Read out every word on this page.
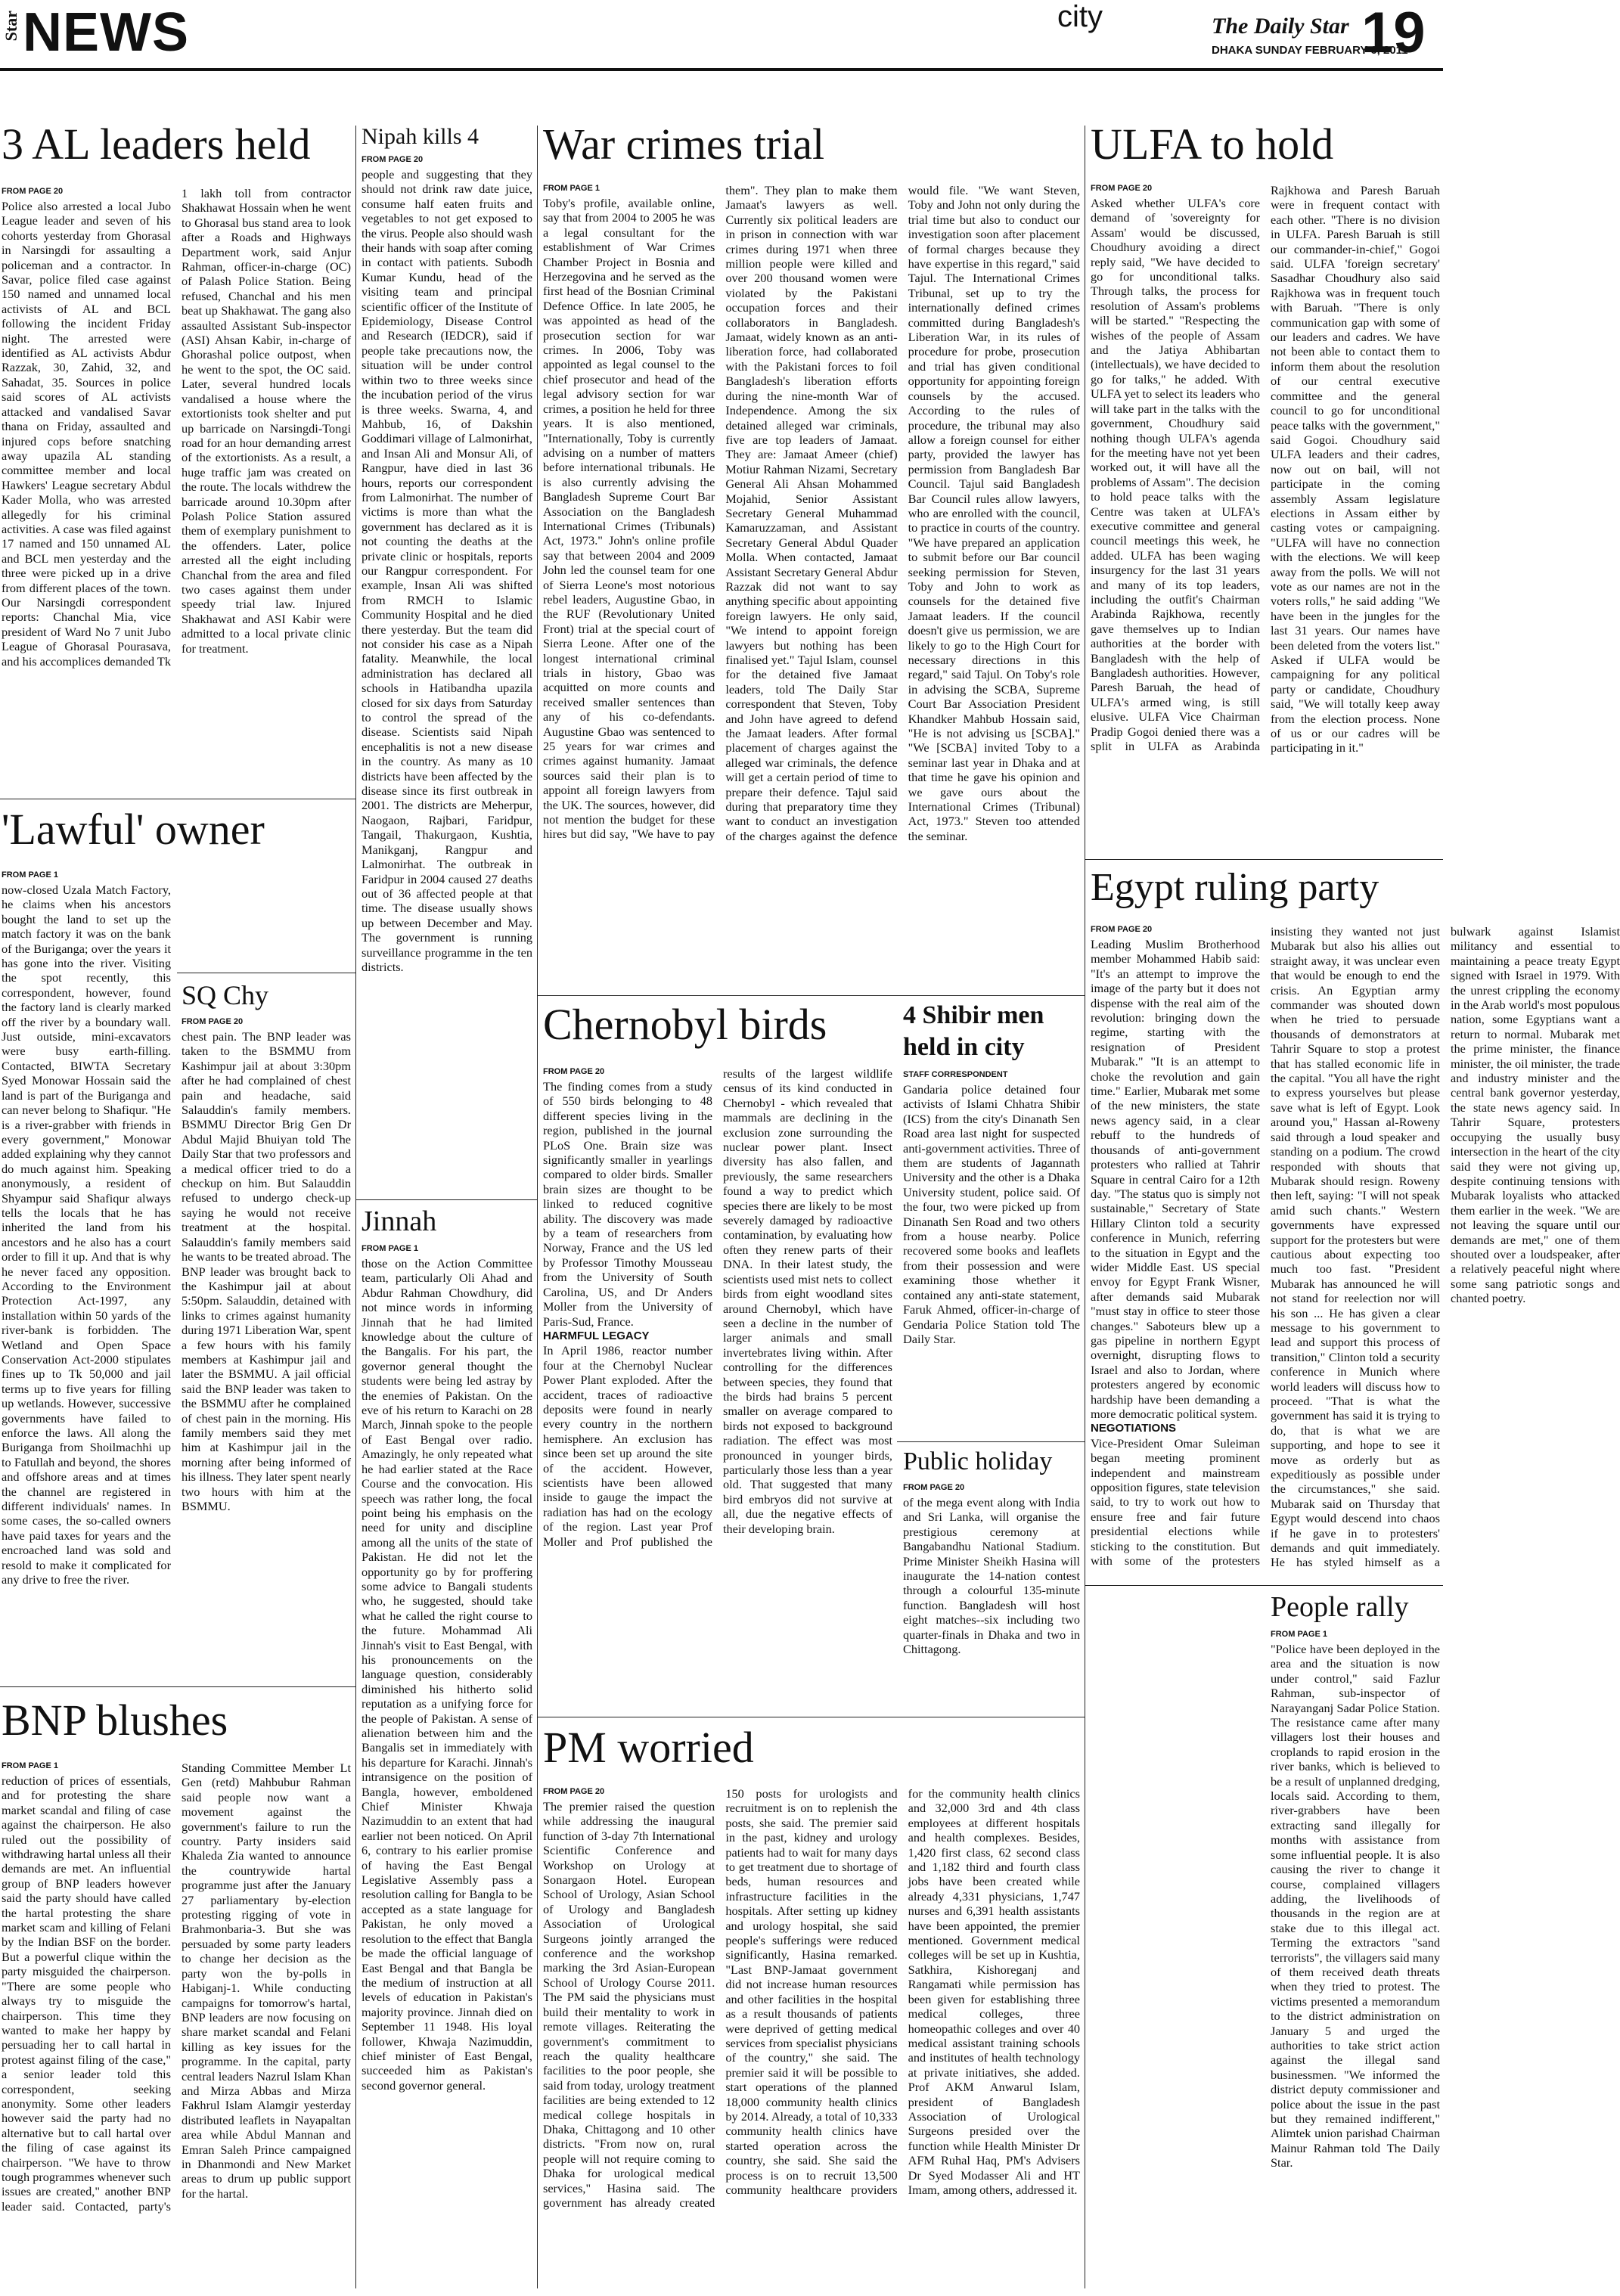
Star NEWS	city	The Daily Star
DHAKA SUNDAY FEBRUARY 6, 2011
19
3 AL leaders held
FROM PAGE 20

Police also arrested a local Jubo League leader and seven of his cohorts yesterday from Ghorasal in Narsingdi for assaulting a policeman and a contractor. In Savar, police filed case against 150 named and unnamed local activists of AL and BCL following the incident Friday night. The arrested were identified as AL activists Abdur Razzak, 30, Zahid, 32, and Sahadat, 35. Sources in police said scores of AL activists attacked and vandalised Savar thana on Friday, assaulted and injured cops before snatching away upazila AL standing committee member and local Hawkers' League secretary Abdul Kader Molla, who was arrested allegedly for his criminal activities. A case was filed against 17 named and 150 unnamed AL and BCL men yesterday and the three were picked up in a drive from different places of the town. Our Narsingdi correspondent reports: Chanchal Mia, vice president of Ward No 7 unit Jubo League of Ghorasal Pourasava, and his accomplices demanded Tk 1 lakh toll from contractor Shakhawat Hossain when he went to Ghorasal bus stand area to look after a Roads and Highways Department work, said Anjur Rahman, officer-in-charge (OC) of Palash Police Station. Being refused, Chanchal and his men beat up Shakhawat. The gang also assaulted Assistant Sub-inspector (ASI) Ahsan Kabir, in-charge of Ghorashal police outpost, when he went to the spot, the OC said. Later, several hundred locals vandalised a house where the extortionists took shelter and put up barricade on Narsingdi-Tongi road for an hour demanding arrest of the extortionists. As a result, a huge traffic jam was created on the route. The locals withdrew the barricade around 10.30pm after Polash Police Station assured them of exemplary punishment to the offenders. Later, police arrested all the eight including Chanchal from the area and filed two cases against them under speedy trial law. Injured Shakhawat and ASI Kabir were admitted to a local private clinic for treatment.

'Lawful' owner
FROM PAGE 1

now-closed Uzala Match Factory, he claims when his ancestors bought the land to set up the match factory it was on the bank of the Buriganga; over the years it has gone into the river. Visiting the spot recently, this correspondent, however, found the factory land is clearly marked off the river by a boundary wall. Just outside, mini-excavators were busy earth-filling. Contacted, BIWTA Secretary Syed Monowar Hossain said the land is part of the Buriganga and can never belong to Shafiqur. "He is a river-grabber with friends in every government," Monowar added explaining why they cannot do much against him. Speaking anonymously, a resident of Shyampur said Shafiqur always tells the locals that he has inherited the land from his ancestors and he also has a court order to fill it up. And that is why he never faced any opposition. According to the Environment Protection Act-1997, any installation within 50 yards of the river-bank is forbidden. The Wetland and Open Space Conservation Act-2000 stipulates fines up to Tk 50,000 and jail terms up to five years for filling up wetlands. However, successive governments have failed to enforce the laws. All along the Buriganga from Shoilmachhi up to Fatullah and beyond, the shores and offshore areas and at times the channel are registered in different individuals' names. In some cases, the so-called owners have paid taxes for years and the encroached land was sold and resold to make it complicated for any drive to free the river.

SQ Chy
FROM PAGE 20

chest pain. The BNP leader was taken to the BSMMU from Kashimpur jail at about 3:30pm after he had complained of chest pain and headache, said Salauddin's family members. BSMMU Director Brig Gen Dr Abdul Majid Bhuiyan told The Daily Star that two professors and a medical officer tried to do a checkup on him. But Salauddin refused to undergo check-up saying he would not receive treatment at the hospital. Salauddin's family members said he wants to be treated abroad. The BNP leader was brought back to the Kashimpur jail at about 5:50pm. Salauddin, detained with links to crimes against humanity during 1971 Liberation War, spent a few hours with his family members at Kashimpur jail and later the BSMMU. A jail official said the BNP leader was taken to the BSMMU after he complained of chest pain in the morning. His family members said they met him at Kashimpur jail in the morning after being informed of his illness. They later spent nearly two hours with him at the BSMMU.

BNP blushes
FROM PAGE 1

reduction of prices of essentials, and for protesting the share market scandal and filing of case against the chairperson. He also ruled out the possibility of withdrawing hartal unless all their demands are met. An influential group of BNP leaders however said the party should have called the hartal protesting the share market scam and killing of Felani by the Indian BSF on the border. But a powerful clique within the party misguided the chairperson. "There are some people who always try to misguide the chairperson. This time they wanted to make her happy by persuading her to call hartal in protest against filing of the case," a senior leader told this correspondent, seeking anonymity. Some other leaders however said the party had no alternative but to call hartal over the filing of case against its chairperson. "We have to throw tough programmes whenever such issues are created," another BNP leader said. Contacted, party's Standing Committee Member Lt Gen (retd) Mahbubur Rahman said people now want a movement against the government's failure to run the country. Party insiders said Khaleda Zia wanted to announce the countrywide hartal programme just after the January 27 parliamentary by-election protesting rigging of vote in Brahmonbaria-3. But she was persuaded by some party leaders to change her decision as the party won the by-polls in Habiganj-1. While conducting campaigns for tomorrow's hartal, BNP leaders are now focusing on share market scandal and Felani killing as key issues for the programme. In the capital, party central leaders Nazrul Islam Khan and Mirza Abbas and Mirza Fakhrul Islam Alamgir yesterday distributed leaflets in Nayapaltan area while Abdul Mannan and Emran Saleh Prince campaigned in Dhanmondi and New Market areas to drum up public support for the hartal.

Nipah kills 4
FROM PAGE 20

people and suggesting that they should not drink raw date juice, consume half eaten fruits and vegetables to not get exposed to the virus. People also should wash their hands with soap after coming in contact with patients. Subodh Kumar Kundu, head of the visiting team and principal scientific officer of the Institute of Epidemiology, Disease Control and Research (IEDCR), said if people take precautions now, the situation will be under control within two to three weeks since the incubation period of the virus is three weeks. Swarna, 4, and Mahbub, 16, of Dakshin Goddimari village of Lalmonirhat, and Insan Ali and Monsur Ali, of Rangpur, have died in last 36 hours, reports our correspondent from Lalmonirhat. The number of victims is more than what the government has declared as it is not counting the deaths at the private clinic or hospitals, reports our Rangpur correspondent. For example, Insan Ali was shifted from RMCH to Islamic Community Hospital and he died there yesterday. But the team did not consider his case as a Nipah fatality. Meanwhile, the local administration has declared all schools in Hatibandha upazila closed for six days from Saturday to control the spread of the disease. Scientists said Nipah encephalitis is not a new disease in the country. As many as 10 districts have been affected by the disease since its first outbreak in 2001. The districts are Meherpur, Naogaon, Rajbari, Faridpur, Tangail, Thakurgaon, Kushtia, Manikganj, Rangpur and Lalmonirhat. The outbreak in Faridpur in 2004 caused 27 deaths out of 36 affected people at that time. The disease usually shows up between December and May. The government is running surveillance programme in the ten districts.

Jinnah
FROM PAGE 1

those on the Action Committee team, particularly Oli Ahad and Abdur Rahman Chowdhury, did not mince words in informing Jinnah that he had limited knowledge about the culture of the Bangalis. For his part, the governor general thought the students were being led astray by the enemies of Pakistan. On the eve of his return to Karachi on 28 March, Jinnah spoke to the people of East Bengal over radio. Amazingly, he only repeated what he had earlier stated at the Race Course and the convocation. His speech was rather long, the focal point being his emphasis on the need for unity and discipline among all the units of the state of Pakistan. He did not let the opportunity go by for proffering some advice to Bangali students who, he suggested, should take what he called the right course to the future. Mohammad Ali Jinnah's visit to East Bengal, with his pronouncements on the language question, considerably diminished his hitherto solid reputation as a unifying force for the people of Pakistan. A sense of alienation between him and the Bangalis set in immediately with his departure for Karachi. Jinnah's intransigence on the position of Bangla, however, emboldened Chief Minister Khwaja Nazimuddin to an extent that had earlier not been noticed. On April 6, contrary to his earlier promise of having the East Bengal Legislative Assembly pass a resolution calling for Bangla to be accepted as a state language for Pakistan, he only moved a resolution to the effect that Bangla be made the official language of East Bengal and that Bangla be the medium of instruction at all levels of education in Pakistan's majority province. Jinnah died on September 11 1948. His loyal follower, Khwaja Nazimuddin, chief minister of East Bengal, succeeded him as Pakistan's second governor general.

War crimes trial
FROM PAGE 1

Toby's profile, available online, say that from 2004 to 2005 he was a legal consultant for the establishment of War Crimes Chamber Project in Bosnia and Herzegovina and he served as the first head of the Bosnian Criminal Defence Office. In late 2005, he was appointed as head of the prosecution section for war crimes. In 2006, Toby was appointed as legal counsel to the chief prosecutor and head of the legal advisory section for war crimes, a position he held for three years. It is also mentioned, "Internationally, Toby is currently advising on a number of matters before international tribunals. He is also currently advising the Bangladesh Supreme Court Bar Association on the Bangladesh International Crimes (Tribunals) Act, 1973." John's online profile say that between 2004 and 2009 John led the counsel team for one of Sierra Leone's most notorious rebel leaders, Augustine Gbao, in the RUF (Revolutionary United Front) trial at the special court of Sierra Leone. After one of the longest international criminal trials in history, Gbao was acquitted on more counts and received smaller sentences than any of his co-defendants. Augustine Gbao was sentenced to 25 years for war crimes and crimes against humanity. Jamaat sources said their plan is to appoint all foreign lawyers from the UK. The sources, however, did not mention the budget for these hires but did say, "We have to pay them". They plan to make them Jamaat's lawyers as well. Currently six political leaders are in prison in connection with war crimes during 1971 when three million people were killed and over 200 thousand women were violated by the Pakistani occupation forces and their collaborators in Bangladesh. Jamaat, widely known as an anti-liberation force, had collaborated with the Pakistani forces to foil Bangladesh's liberation efforts during the nine-month War of Independence. Among the six detained alleged war criminals, five are top leaders of Jamaat. They are: Jamaat Ameer (chief) Motiur Rahman Nizami, Secretary General Ali Ahsan Mohammed Mojahid, Senior Assistant Secretary General Muhammad Kamaruzzaman, and Assistant Secretary General Abdul Quader Molla. When contacted, Jamaat Assistant Secretary General Abdur Razzak did not want to say anything specific about appointing foreign lawyers. He only said, "We intend to appoint foreign lawyers but nothing has been finalised yet." Tajul Islam, counsel for the detained five Jamaat leaders, told The Daily Star correspondent that Steven, Toby and John have agreed to defend the Jamaat leaders. After formal placement of charges against the alleged war criminals, the defence will get a certain period of time to prepare their defence. Tajul said during that preparatory time they want to conduct an investigation of the charges against the defence would file. "We want Steven, Toby and John not only during the trial time but also to conduct our investigation soon after placement of formal charges because they have expertise in this regard," said Tajul. The International Crimes Tribunal, set up to try the internationally defined crimes committed during Bangladesh's Liberation War, in its rules of procedure for probe, prosecution and trial has given conditional opportunity for appointing foreign counsels by the accused. According to the rules of procedure, the tribunal may also allow a foreign counsel for either party, provided the lawyer has permission from Bangladesh Bar Council. Tajul said Bangladesh Bar Council rules allow lawyers, who are enrolled with the council, to practice in courts of the country. "We have prepared an application to submit before our Bar council seeking permission for Steven, Toby and John to work as counsels for the detained five Jamaat leaders. If the council doesn't give us permission, we are likely to go to the High Court for necessary directions in this regard," said Tajul. On Toby's role in advising the SCBA, Supreme Court Bar Association President Khandker Mahbub Hossain said, "He is not advising us [SCBA]." "We [SCBA] invited Toby to a seminar last year in Dhaka and at that time he gave his opinion and we gave ours about the International Crimes (Tribunal) Act, 1973." Steven too attended the seminar.

Chernobyl birds
FROM PAGE 20

The finding comes from a study of 550 birds belonging to 48 different species living in the region, published in the journal PLoS One. Brain size was significantly smaller in yearlings compared to older birds. Smaller brain sizes are thought to be linked to reduced cognitive ability. The discovery was made by a team of researchers from Norway, France and the US led by Professor Timothy Mousseau from the University of South Carolina, US, and Dr Anders Moller from the University of Paris-Sud, France.

HARMFUL LEGACY

In April 1986, reactor number four at the Chernobyl Nuclear Power Plant exploded. After the accident, traces of radioactive deposits were found in nearly every country in the northern hemisphere. An exclusion has since been set up around the site of the accident. However, scientists have been allowed inside to gauge the impact the radiation has had on the ecology of the region. Last year Prof Moller and Prof published the results of the largest wildlife census of its kind conducted in Chernobyl - which revealed that mammals are declining in the exclusion zone surrounding the nuclear power plant. Insect diversity has also fallen, and previously, the same researchers found a way to predict which species there are likely to be most severely damaged by radioactive contamination, by evaluating how often they renew parts of their DNA. In their latest study, the scientists used mist nets to collect birds from eight woodland sites around Chernobyl, which have seen a decline in the number of larger animals and small invertebrates living within. After controlling for the differences between species, they found that the birds had brains 5 percent smaller on average compared to birds not exposed to background radiation. The effect was most pronounced in younger birds, particularly those less than a year old. That suggested that many bird embryos did not survive at all, due the negative effects of their developing brain.

4 Shibir men
held in city
STAFF CORRESPONDENT

Gandaria police detained four activists of Islami Chhatra Shibir (ICS) from the city's Dinanath Sen Road area last night for suspected anti-government activities. Three of them are students of Jagannath University and the other is a Dhaka University student, police said. Of the four, two were picked up from Dinanath Sen Road and two others from a house nearby. Police recovered some books and leaflets from their possession and were examining those whether it contained any anti-state statement, Faruk Ahmed, officer-in-charge of Gendaria Police Station told The Daily Star.

Public holiday
FROM PAGE 20

of the mega event along with India and Sri Lanka, will organise the prestigious ceremony at Bangabandhu National Stadium. Prime Minister Sheikh Hasina will inaugurate the 14-nation contest through a colourful 135-minute function. Bangladesh will host eight matches--six including two quarter-finals in Dhaka and two in Chittagong.

PM worried
FROM PAGE 20

The premier raised the question while addressing the inaugural function of 3-day 7th International Scientific Conference and Workshop on Urology at Sonargaon Hotel. European School of Urology, Asian School of Urology and Bangladesh Association of Urological Surgeons jointly arranged the conference and the workshop marking the 3rd Asian-European School of Urology Course 2011. The PM said the physicians must build their mentality to work in remote villages. Reiterating the government's commitment to reach the quality healthcare facilities to the poor people, she said from today, urology treatment facilities are being extended to 12 medical college hospitals in Dhaka, Chittagong and 10 other districts. "From now on, rural people will not require coming to Dhaka for urological medical services," Hasina said. The government has already created 150 posts for urologists and recruitment is on to replenish the posts, she said. The premier said in the past, kidney and urology patients had to wait for many days to get treatment due to shortage of beds, human resources and infrastructure facilities in the hospitals. After setting up kidney and urology hospital, she said people's sufferings were reduced significantly, Hasina remarked. "Last BNP-Jamaat government did not increase human resources and other facilities in the hospital as a result thousands of patients were deprived of getting medical services from specialist physicians of the country," she said. The premier said it will be possible to start operations of the planned 18,000 community health clinics by 2014. Already, a total of 10,333 community health clinics have started operation across the country, she said. She said the process is on to recruit 13,500 community healthcare providers for the community health clinics and 32,000 3rd and 4th class employees at different hospitals and health complexes. Besides, 1,420 first class, 62 second class and 1,182 third and fourth class jobs have been created while already 4,331 physicians, 1,747 nurses and 6,391 health assistants have been appointed, the premier mentioned. Government medical colleges will be set up in Kushtia, Satkhira, Kishoreganj and Rangamati while permission has been given for establishing three medical colleges, three homeopathic colleges and over 40 medical assistant training schools and institutes of health technology at private initiatives, she added. Prof AKM Anwarul Islam, president of Bangladesh Association of Urological Surgeons presided over the function while Health Minister Dr AFM Ruhal Haq, PM's Advisers Dr Syed Modasser Ali and HT Imam, among others, addressed it.

ULFA to hold
FROM PAGE 20

Asked whether ULFA's core demand of 'sovereignty for Assam' would be discussed, Choudhury avoiding a direct reply said, "We have decided to go for unconditional talks. Through talks, the process for resolution of Assam's problems will be started." "Respecting the wishes of the people of Assam and the Jatiya Abhibartan (intellectuals), we have decided to go for talks," he added. With ULFA yet to select its leaders who will take part in the talks with the government, Choudhury said nothing though ULFA's agenda for the meeting have not yet been worked out, it will have all the problems of Assam". The decision to hold peace talks with the Centre was taken at ULFA's executive committee and general council meetings this week, he added. ULFA has been waging insurgency for the last 31 years and many of its top leaders, including the outfit's Chairman Arabinda Rajkhowa, recently gave themselves up to Indian authorities at the border with Bangladesh with the help of Bangladesh authorities. However, Paresh Baruah, the head of ULFA's armed wing, is still elusive. ULFA Vice Chairman Pradip Gogoi denied there was a split in ULFA as Arabinda Rajkhowa and Paresh Baruah were in frequent contact with each other. "There is no division in ULFA. Paresh Baruah is still our commander-in-chief," Gogoi said. ULFA 'foreign secretary' Sasadhar Choudhury also said Rajkhowa was in frequent touch with Baruah. "There is only communication gap with some of our leaders and cadres. We have not been able to contact them to inform them about the resolution of our central executive committee and the general council to go for unconditional peace talks with the government," said Gogoi. Choudhury said ULFA leaders and their cadres, now out on bail, will not participate in the coming assembly Assam legislature elections in Assam either by casting votes or campaigning. "ULFA will have no connection with the elections. We will keep away from the polls. We will not vote as our names are not in the voters rolls," he said adding "We have been in the jungles for the last 31 years. Our names have been deleted from the voters list." Asked if ULFA would be campaigning for any political party or candidate, Choudhury said, "We will totally keep away from the election process. None of us or our cadres will be participating in it."

Egypt ruling party
FROM PAGE 20

Leading Muslim Brotherhood member Mohammed Habib said: "It's an attempt to improve the image of the party but it does not dispense with the real aim of the revolution: bringing down the regime, starting with the resignation of President Mubarak." "It is an attempt to choke the revolution and gain time." Earlier, Mubarak met some of the new ministers, the state news agency said, in a clear rebuff to the hundreds of thousands of anti-government protesters who rallied at Tahrir Square in central Cairo for a 12th day. "The status quo is simply not sustainable," Secretary of State Hillary Clinton told a security conference in Munich, referring to the situation in Egypt and the wider Middle East. US special envoy for Egypt Frank Wisner, after demands said Mubarak "must stay in office to steer those changes." Saboteurs blew up a gas pipeline in northern Egypt overnight, disrupting flows to Israel and also to Jordan, where protesters angered by economic hardship have been demanding a more democratic political system.

NEGOTIATIONS

Vice-President Omar Suleiman began meeting prominent independent and mainstream opposition figures, state television said, to try to work out how to ensure free and fair future presidential elections while sticking to the constitution. But with some of the protesters insisting they wanted not just Mubarak but also his allies out straight away, it was unclear even that would be enough to end the crisis. An Egyptian army commander was shouted down when he tried to persuade thousands of demonstrators at Tahrir Square to stop a protest that has stalled economic life in the capital. "You all have the right to express yourselves but please save what is left of Egypt. Look around you," Hassan al-Roweny said through a loud speaker and standing on a podium. The crowd responded with shouts that Mubarak should resign. Roweny then left, saying: "I will not speak amid such chants." Western governments have expressed support for the protesters but were cautious about expecting too much too fast. "President Mubarak has announced he will not stand for reelection nor will his son ... He has given a clear message to his government to lead and support this process of transition," Clinton told a security conference in Munich where world leaders will discuss how to proceed. "That is what the government has said it is trying to do, that is what we are supporting, and hope to see it move as orderly but as expeditiously as possible under the circumstances," she said. Mubarak said on Thursday that Egypt would descend into chaos if he gave in to protesters' demands and quit immediately. He has styled himself as a bulwark against Islamist militancy and essential to maintaining a peace treaty Egypt signed with Israel in 1979. With the unrest crippling the economy in the Arab world's most populous nation, some Egyptians want a return to normal. Mubarak met the prime minister, the finance minister, the oil minister, the trade and industry minister and the central bank governor yesterday, the state news agency said. In Tahrir Square, protesters occupying the usually busy intersection in the heart of the city said they were not giving up, despite continuing tensions with Mubarak loyalists who attacked them earlier in the week. "We are not leaving the square until our demands are met," one of them shouted over a loudspeaker, after a relatively peaceful night where some sang patriotic songs and chanted poetry.

People rally
FROM PAGE 1

"Police have been deployed in the area and the situation is now under control," said Fazlur Rahman, sub-inspector of Narayanganj Sadar Police Station. The resistance came after many villagers lost their houses and croplands to rapid erosion in the river banks, which is believed to be a result of unplanned dredging, locals said. According to them, river-grabbers have been extracting sand illegally for months with assistance from some influential people. It is also causing the river to change it course, complained villagers adding, the livelihoods of thousands in the region are at stake due to this illegal act. Terming the extractors "sand terrorists", the villagers said many of them received death threats when they tried to protest. The victims presented a memorandum to the district administration on January 5 and urged the authorities to take strict action against the illegal sand businessmen. "We informed the district deputy commissioner and police about the issue in the past but they remained indifferent," Alimtek union parishad Chairman Mainur Rahman told The Daily Star.
